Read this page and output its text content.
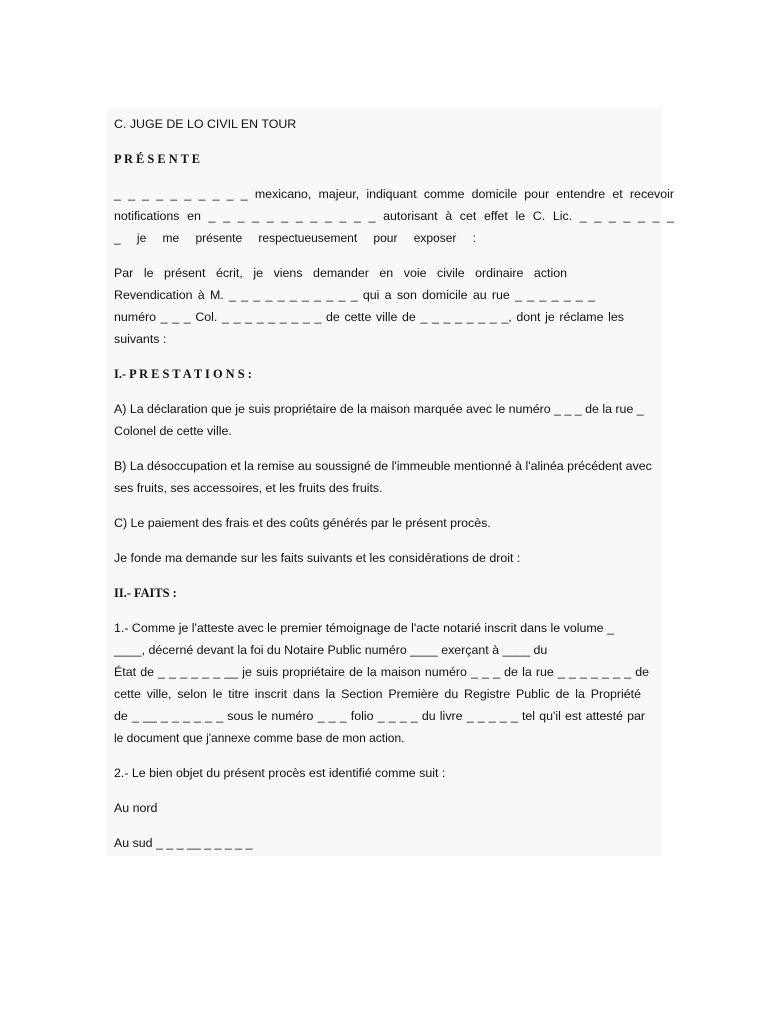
C. JUGE DE LO CIVIL EN TOUR

P R É S E N T E

_ _ _ _ _ _ _ _ _ _ mexicano, majeur, indiquant comme domicile pour entendre et recevoir

notifications en _ _ _ _ _ _ _ _ _ _ _ _ autorisant à cet effet le C. Lic. _ _ _ _ _ _ _

_ je me présente respectueusement pour exposer :

Par le présent écrit, je viens demander en voie civile ordinaire action

Revendication à M. _ _ _ _ _ _ _ _ _ _ _ qui a son domicile au rue _ _ _ _ _ _ _

numéro _ _ _ Col. _ _ _ _ _ _ _ _ _ de cette ville de _ _ _ _ _ _ _ _, dont je réclame les

suivants :

I.- P R E S T A T I O N S :

A) La déclaration que je suis propriétaire de la maison marquée avec le numéro _ _ _ de la rue _

Colonel de cette ville.

B) La désoccupation et la remise au soussigné de l'immeuble mentionné à l'alinéa précédent avec

ses fruits, ses accessoires, et les fruits des fruits.

C) Le paiement des frais et des coûts générés par le présent procès.

Je fonde ma demande sur les faits suivants et les considérations de droit :

II.- FAITS :

1.- Comme je l'atteste avec le premier témoignage de l'acte notarié inscrit dans le volume _

____, décerné devant la foi du Notaire Public numéro ____ exerçant à ____ du

État de _ _ _ _ _ _ __ je suis propriétaire de la maison numéro _ _ _ de la rue _ _ _ _ _ _ _ de

cette ville, selon le titre inscrit dans la Section Première du Registre Public de la Propriété

de _ __ _ _ _ _ _ _ sous le numéro _ _ _ folio _ _ _ _ du livre _ _ _ _ _ tel qu'il est attesté par

le document que j'annexe comme base de mon action.

2.- Le bien objet du présent procès est identifié comme suit :

Au nord

Au sud _ _ _ __ _ _ _ _ _
